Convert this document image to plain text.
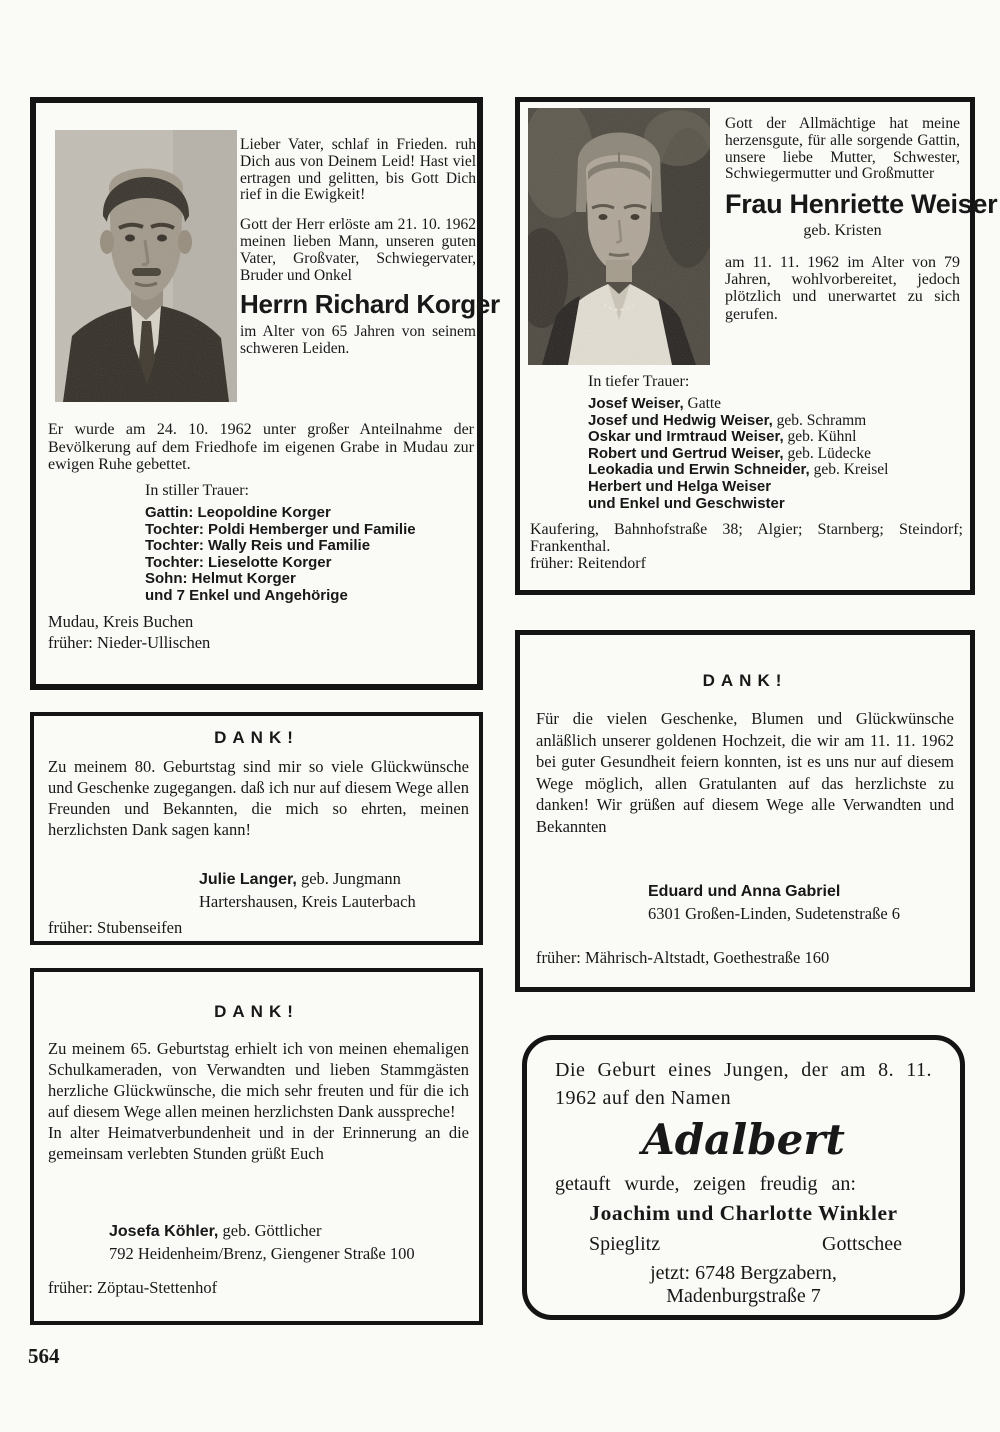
Lieber Vater, schlaf in Frieden. ruh Dich aus von Deinem Leid! Hast viel ertragen und gelitten, bis Gott Dich rief in die Ewigkeit!

Gott der Herr erlöste am 21. 10. 1962 meinen lieben Mann, unseren guten Vater, Großvater, Schwiegervater, Bruder und Onkel

Herrn Richard Korger

im Alter von 65 Jahren von seinem schweren Leiden.

Er wurde am 24. 10. 1962 unter großer Anteilnahme der Bevölkerung auf dem Friedhofe im eigenen Grabe in Mudau zur ewigen Ruhe gebettet.

In stiller Trauer:

Gattin: Leopoldine Korger
Tochter: Poldi Hemberger und Familie
Tochter: Wally Reis und Familie
Tochter: Lieselotte Korger
Sohn: Helmut Korger
und 7 Enkel und Angehörige

Mudau, Kreis Buchen
früher: Nieder-Ullischen

Gott der Allmächtige hat meine herzensgute, für alle sorgende Gattin, unsere liebe Mutter, Schwester, Schwiegermutter und Großmutter

Frau Henriette Weiser

geb. Kristen

am 11. 11. 1962 im Alter von 79 Jahren, wohlvorbereitet, jedoch plötzlich und unerwartet zu sich gerufen.

In tiefer Trauer:

Josef Weiser, Gatte
Josef und Hedwig Weiser, geb. Schramm
Oskar und Irmtraud Weiser, geb. Kühnl
Robert und Gertrud Weiser, geb. Lüdecke
Leokadia und Erwin Schneider, geb. Kreisel
Herbert und Helga Weiser
und Enkel und Geschwister

Kaufering, Bahnhofstraße 38; Algier; Starnberg; Steindorf; Frankenthal.

früher: Reitendorf

DANK!

Zu meinem 80. Geburtstag sind mir so viele Glückwünsche und Geschenke zugegangen. daß ich nur auf diesem Wege allen Freunden und Bekannten, die mich so ehrten, meinen herzlichsten Dank sagen kann!

Julie Langer, geb. Jungmann

Hartershausen, Kreis Lauterbach

früher: Stubenseifen

DANK!

Zu meinem 65. Geburtstag erhielt ich von meinen ehemaligen Schulkameraden, von Verwandten und lieben Stammgästen herzliche Glückwünsche, die mich sehr freuten und für die ich auf diesem Wege allen meinen herzlichsten Dank ausspreche!

In alter Heimatverbundenheit und in der Erinnerung an die gemeinsam verlebten Stunden grüßt Euch

Josefa Köhler, geb. Göttlicher

792 Heidenheim/Brenz, Giengener Straße 100

früher: Zöptau-Stettenhof

DANK!

Für die vielen Geschenke, Blumen und Glückwünsche anläßlich unserer goldenen Hochzeit, die wir am 11. 11. 1962 bei guter Gesundheit feiern konnten, ist es uns nur auf diesem Wege möglich, allen Gratulanten auf das herzlichste zu danken! Wir grüßen auf diesem Wege alle Verwandten und Bekannten

Eduard und Anna Gabriel

6301 Großen-Linden, Sudetenstraße 6

früher: Mährisch-Altstadt, Goethestraße 160

Die Geburt eines Jungen, der am 8. 11. 1962 auf den Namen

Adalbert

getauft wurde, zeigen freudig an:

Joachim und Charlotte Winkler

Spieglitz	Gottschee

jetzt: 6748 Bergzabern,
Madenburgstraße 7

564
